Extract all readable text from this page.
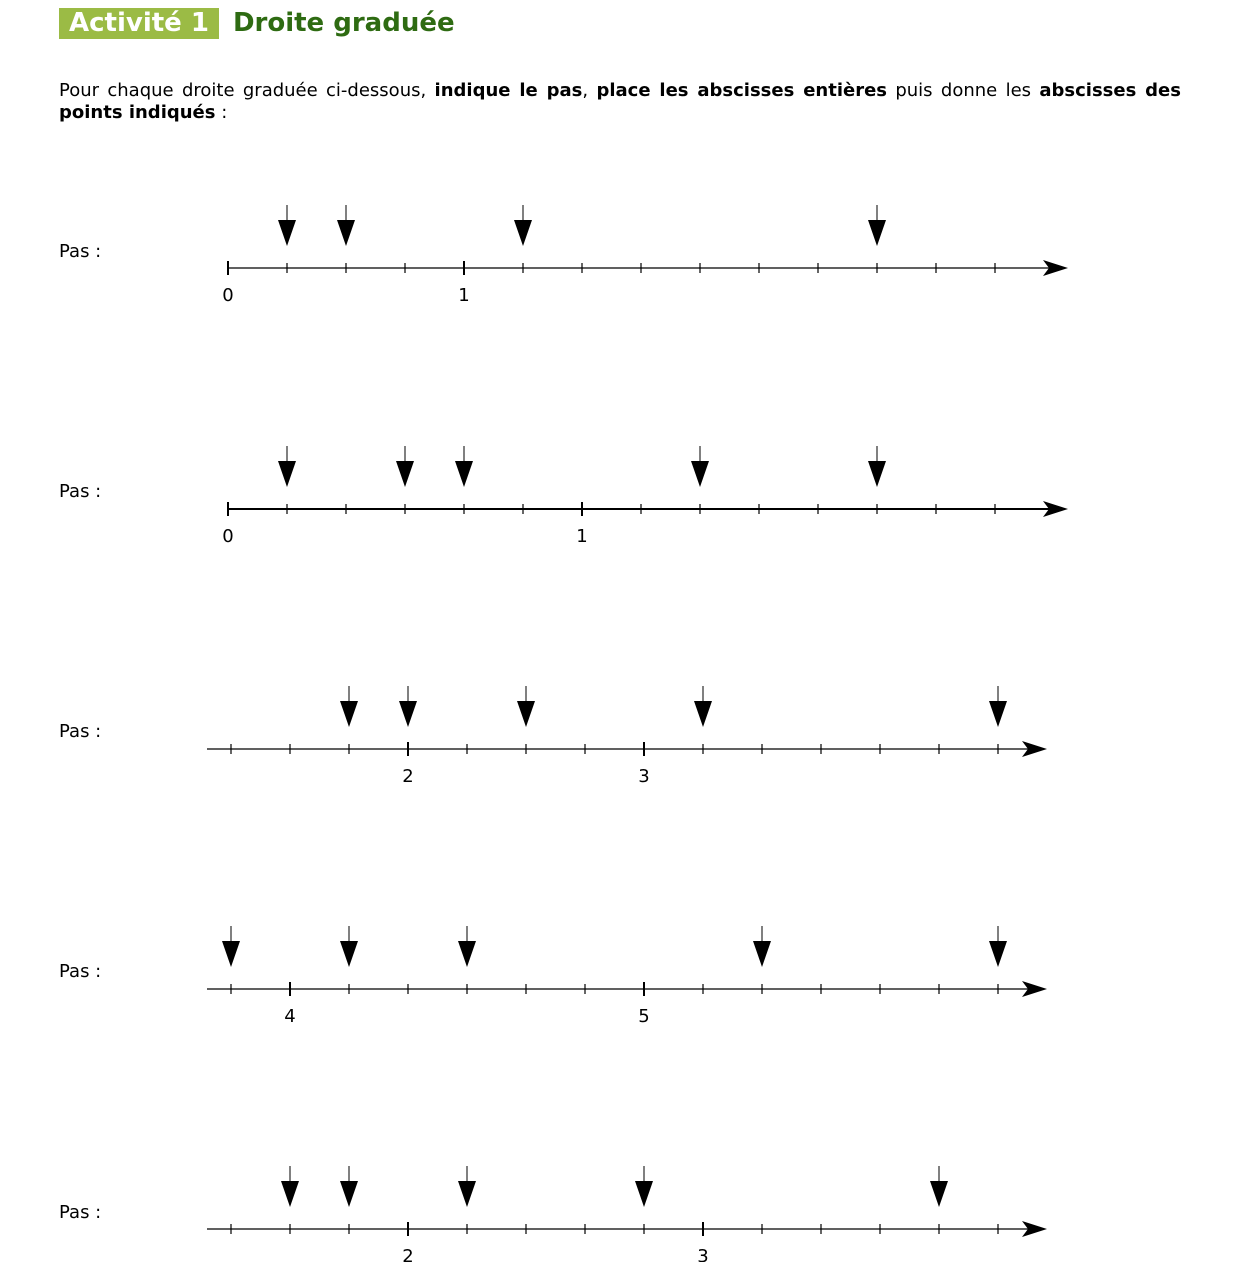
Activité 1 Droite graduée
Pour chaque droite graduée ci-dessous, indique le pas, place les abscisses entières puis donne les abscisses des points indiqués :
Pas :
Pas :
Pas :
Pas :
Pas :
0	1
0	1
2	3
4	5
2	3
